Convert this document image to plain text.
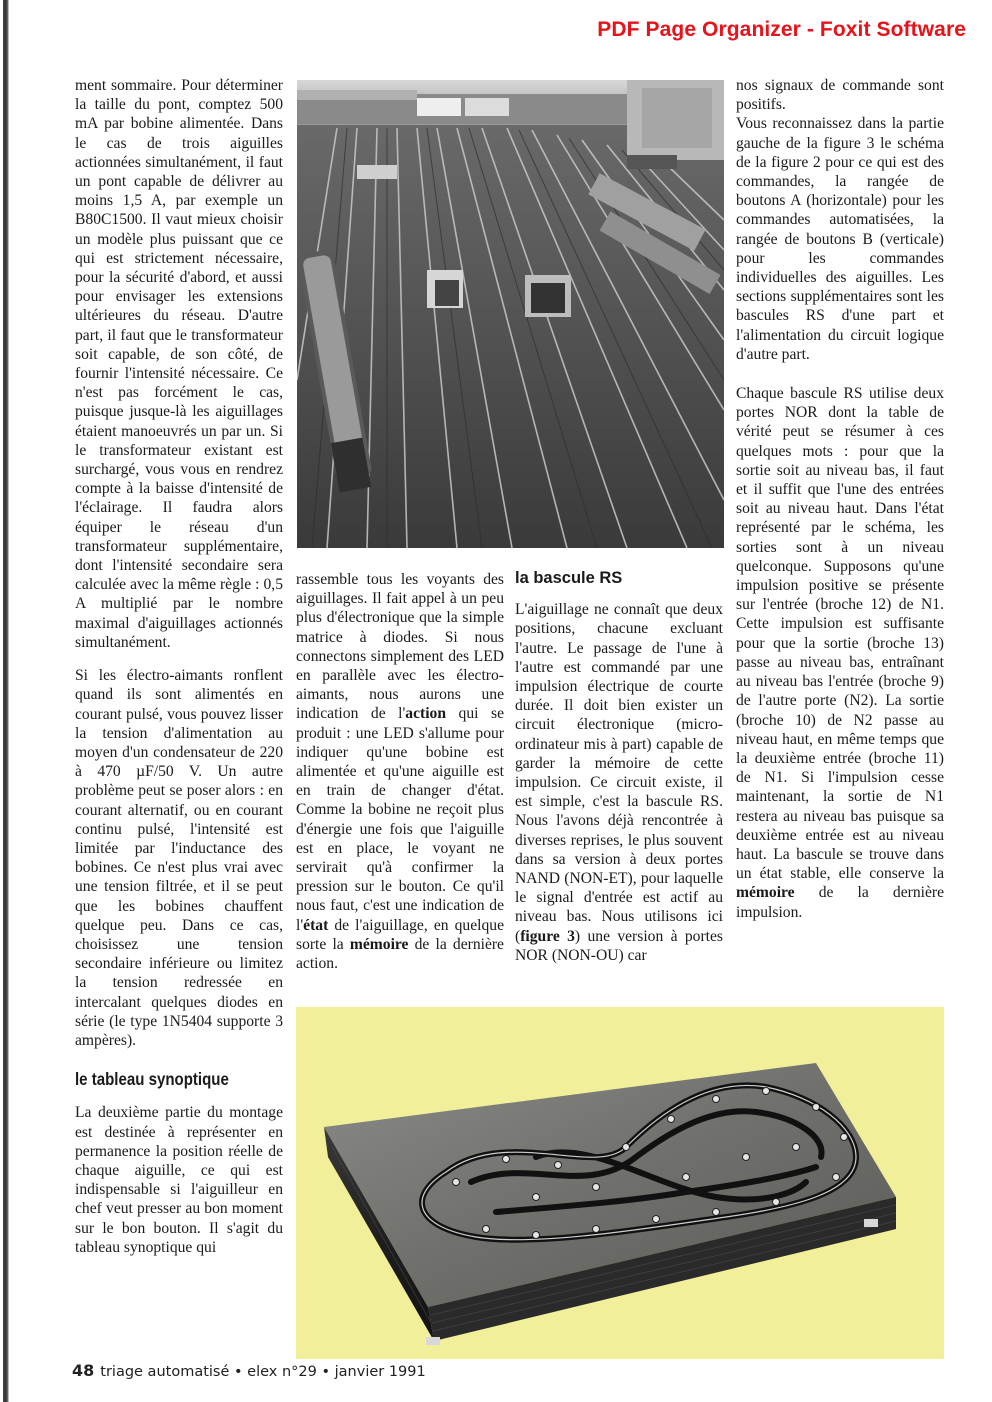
PDF Page Organizer - Foxit Software

ment sommaire. Pour déterminer la taille du pont, comptez 500 mA par bobine alimentée. Dans le cas de trois aiguilles actionnées simultanément, il faut un pont capable de délivrer au moins 1,5 A, par exemple un B80C1500. Il vaut mieux choisir un modèle plus puissant que ce qui est strictement nécessaire, pour la sécurité d'abord, et aussi pour envisager les extensions ultérieures du réseau. D'autre part, il faut que le transformateur soit capable, de son côté, de fournir l'intensité nécessaire. Ce n'est pas forcément le cas, puisque jusque-là les aiguillages étaient manoeuvrés un par un. Si le transformateur existant est surchargé, vous vous en rendrez compte à la baisse d'intensité de l'éclairage. Il faudra alors équiper le réseau d'un transformateur supplémentaire, dont l'intensité secondaire sera calculée avec la même règle : 0,5 A multiplié par le nombre maximal d'aiguillages actionnés simultanément.

Si les électro-aimants ronflent quand ils sont alimentés en courant pulsé, vous pouvez lisser la tension d'alimentation au moyen d'un condensateur de 220 à 470 µF/50 V. Un autre problème peut se poser alors : en courant alternatif, ou en courant continu pulsé, l'intensité est limitée par l'inductance des bobines. Ce n'est plus vrai avec une tension filtrée, et il se peut que les bobines chauffent quelque peu. Dans ce cas, choisissez une tension secondaire inférieure ou limitez la tension redressée en intercalant quelques diodes en série (le type 1N5404 supporte 3 ampères).

le tableau synoptique

La deuxième partie du montage est destinée à représenter en permanence la position réelle de chaque aiguille, ce qui est indispensable si l'aiguilleur en chef veut presser au bon moment sur le bon bouton. Il s'agit du tableau synoptique qui

rassemble tous les voyants des aiguillages. Il fait appel à un peu plus d'électronique que la simple matrice à diodes. Si nous connectons simplement des LED en parallèle avec les électro-aimants, nous aurons une indication de l'action qui se produit : une LED s'allume pour indiquer qu'une bobine est alimentée et qu'une aiguille est en train de changer d'état. Comme la bobine ne reçoit plus d'énergie une fois que l'aiguille est en place, le voyant ne servirait qu'à confirmer la pression sur le bouton. Ce qu'il nous faut, c'est une indication de l'état de l'aiguillage, en quelque sorte la mémoire de la dernière action.

la bascule RS

L'aiguillage ne connaît que deux positions, chacune excluant l'autre. Le passage de l'une à l'autre est commandé par une impulsion électrique de courte durée. Il doit bien exister un circuit électronique (micro-ordinateur mis à part) capable de garder la mémoire de cette impulsion. Ce circuit existe, il est simple, c'est la bascule RS. Nous l'avons déjà rencontrée à diverses reprises, le plus souvent dans sa version à deux portes NAND (NON-ET), pour laquelle le signal d'entrée est actif au niveau bas. Nous utilisons ici (figure 3) une version à portes NOR (NON-OU) car

nos signaux de commande sont positifs.

Vous reconnaissez dans la partie gauche de la figure 3 le schéma de la figure 2 pour ce qui est des commandes, la rangée de boutons A (horizontale) pour les commandes automatisées, la rangée de boutons B (verticale) pour les commandes individuelles des aiguilles. Les sections supplémentaires sont les bascules RS d'une part et l'alimentation du circuit logique d'autre part.

Chaque bascule RS utilise deux portes NOR dont la table de vérité peut se résumer à ces quelques mots : pour que la sortie soit au niveau bas, il faut et il suffit que l'une des entrées soit au niveau haut. Dans l'état représenté par le schéma, les sorties sont à un niveau quelconque. Supposons qu'une impulsion positive se présente sur l'entrée (broche 12) de N1. Cette impulsion est suffisante pour que la sortie (broche 13) passe au niveau bas, entraînant au niveau bas l'entrée (broche 9) de l'autre porte (N2). La sortie (broche 10) de N2 passe au niveau haut, en même temps que la deuxième entrée (broche 11) de N1. Si l'impulsion cesse maintenant, la sortie de N1 restera au niveau bas puisque sa deuxième entrée est au niveau haut. La bascule se trouve dans un état stable, elle conserve la mémoire de la dernière impulsion.

48 triage automatisé • elex n°29 • janvier 1991
